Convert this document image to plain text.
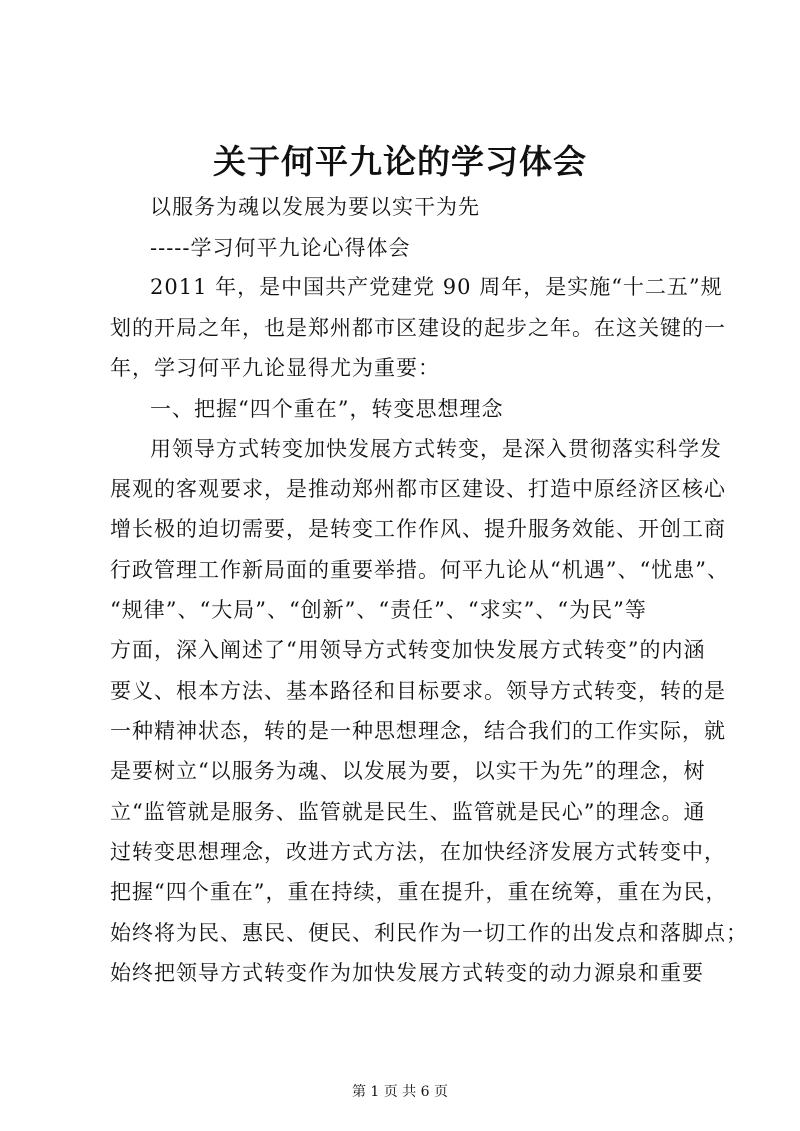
关于何平九论的学习体会
以服务为魂以发展为要以实干为先
-----学习何平九论心得体会
2011 年，是中国共产党建党 90 周年，是实施“十二五”规
划的开局之年，也是郑州都市区建设的起步之年。在这关键的一
年，学习何平九论显得尤为重要：
一、把握“四个重在”，转变思想理念
用领导方式转变加快发展方式转变，是深入贯彻落实科学发
展观的客观要求，是推动郑州都市区建设、打造中原经济区核心
增长极的迫切需要，是转变工作作风、提升服务效能、开创工商
行政管理工作新局面的重要举措。何平九论从“机遇”、“忧患”、
“规律”、“大局”、“创新”、“责任”、“求实”、“为民”等
方面，深入阐述了“用领导方式转变加快发展方式转变”的内涵
要义、根本方法、基本路径和目标要求。领导方式转变，转的是
一种精神状态，转的是一种思想理念，结合我们的工作实际，就
是要树立“以服务为魂、以发展为要，以实干为先”的理念，树
立“监管就是服务、监管就是民生、监管就是民心”的理念。通
过转变思想理念，改进方式方法，在加快经济发展方式转变中，
把握“四个重在”，重在持续，重在提升，重在统筹，重在为民，
始终将为民、惠民、便民、利民作为一切工作的出发点和落脚点；
始终把领导方式转变作为加快发展方式转变的动力源泉和重要
第 1 页 共 6 页
